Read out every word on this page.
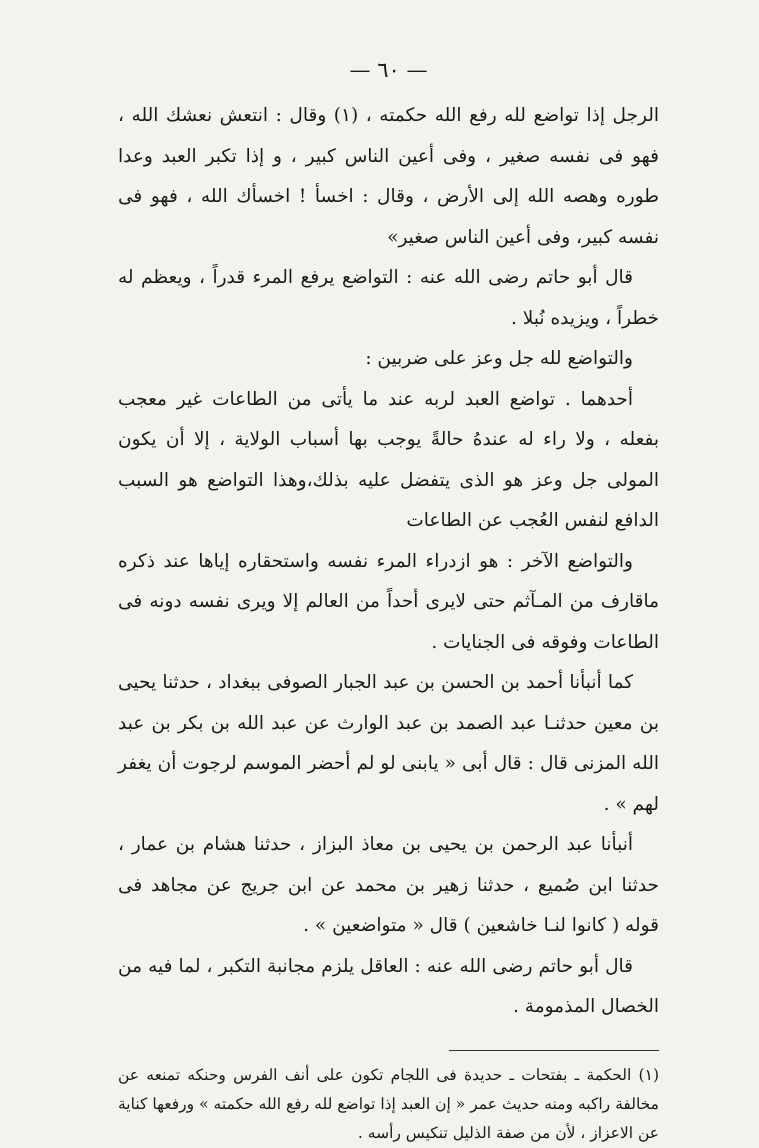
— ٦٠ —

الرجل إذا تواضع لله رفع الله حكمته ، (١) وقال : انتعش نعشك الله ، فهو فى نفسه صغير ، وفى أعين الناس كبير ، و إذا تكبر العبد وعدا طوره وهصه الله إلى الأرض ، وقال : اخسأ ! اخسأك الله ، فهو فى نفسه كبير، وفى أعين الناس صغير»

قال أبو حاتم رضى الله عنه : التواضع يرفع المرء قدراً ، ويعظم له خطراً ، ويزيده نُبلا .

والتواضع لله جل وعز على ضربين :

أحدهما . تواضع العبد لربه عند ما يأتى من الطاعات غير معجب بفعله ، ولا راء له عندهُ حالةً يوجب بها أسباب الولاية ، إلا أن يكون المولى جل وعز هو الذى يتفضل عليه بذلك،وهذا التواضع هو السبب الدافع لنفس العُجب عن الطاعات

والتواضع الآخر : هو ازدراء المرء نفسه واستحقاره إياها عند ذكره ماقارف من المـآثم حتى لايرى أحداً من العالم إلا ويرى نفسه دونه فى الطاعات وفوقه فى الجنايات .

كما أنبأنا أحمد بن الحسن بن عبد الجبار الصوفى ببغداد ، حدثنا يحيى بن معين حدثنـا عبد الصمد بن عبد الوارث عن عبد الله بن بكر بن عبد الله المزنى قال : قال أبى « يابنى لو لم أحضر الموسم لرجوت أن يغفر لهم » .

أنبأنا عبد الرحمن بن يحيى بن معاذ البزاز ، حدثنا هشام بن عمار ، حدثنا ابن صُميع ، حدثنا زهير بن محمد عن ابن جريج عن مجاهد فى قوله ( كانوا لنـا خاشعين ) قال « متواضعين » .

قال أبو حاتم رضى الله عنه : العاقل يلزم مجانبة التكبر ، لما فيه من الخصال المذمومة .

(١) الحكمة ـ بفتحات ـ حديدة فى اللجام تكون على أنف الفرس وحنكه تمنعه عن مخالفة راكبه ومنه حديث عمر « إن العبد إذا تواضع لله رفع الله حكمته » ورفعها كناية عن الاعزاز ، لأن من صفة الذليل تنكيس رأسه .
